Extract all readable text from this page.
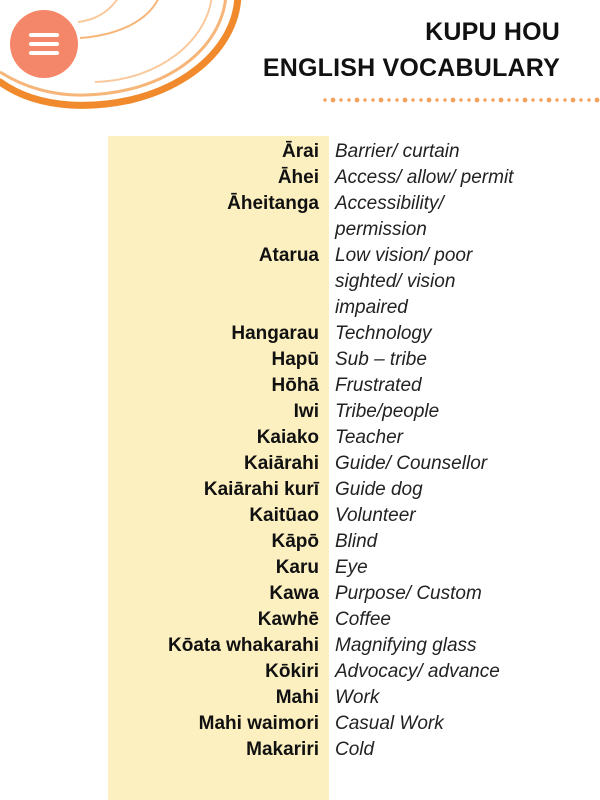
KUPU HOU
ENGLISH VOCABULARY
Ārai Barrier/ curtain
Āhei Access/ allow/ permit
Āheitanga Accessibility/ permission
Atarua Low vision/ poor sighted/ vision impaired
Hangarau Technology
Hapū Sub – tribe
Hōhā Frustrated
Iwi Tribe/people
Kaiako Teacher
Kaiārahi Guide/ Counsellor
Kaiārahi kurī Guide dog
Kaitūao Volunteer
Kāpō Blind
Karu Eye
Kawa Purpose/ Custom
Kawhē Coffee
Kōata whakarahi Magnifying glass
Kōkiri Advocacy/ advance
Mahi Work
Mahi waimori Casual Work
Makariri Cold
